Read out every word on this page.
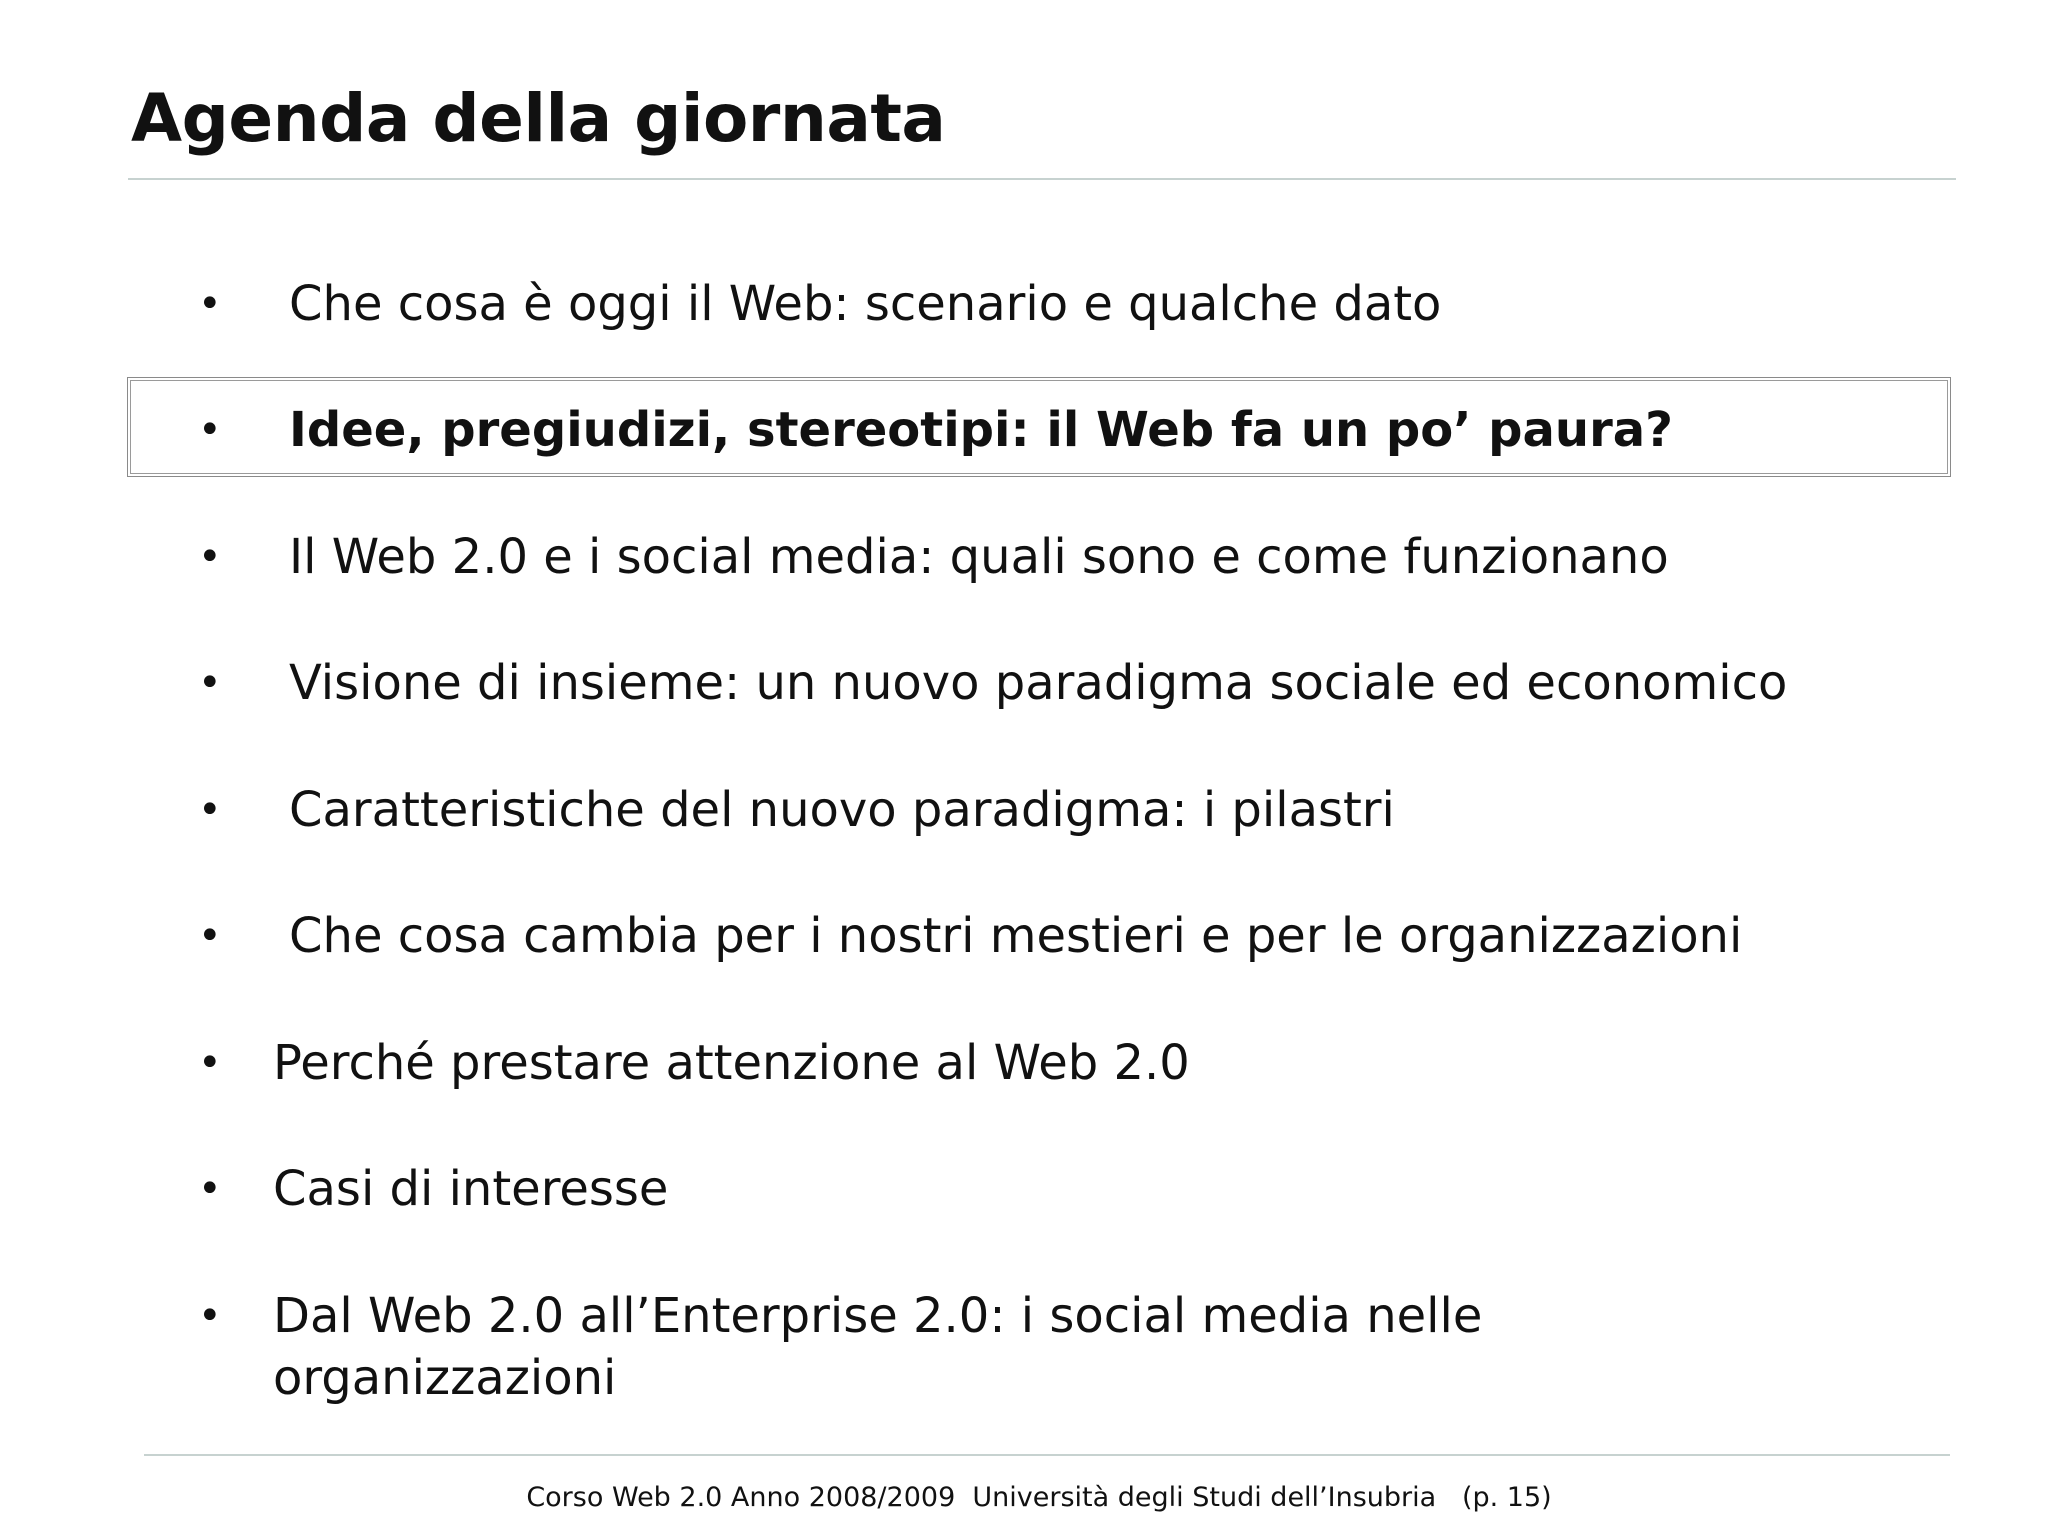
Agenda della giornata
• Che cosa è oggi il Web: scenario e qualche dato
• Idee, pregiudizi, stereotipi: il Web fa un po’ paura?
• Il Web 2.0 e i social media: quali sono e come funzionano
• Visione di insieme: un nuovo paradigma sociale ed economico
• Caratteristiche del nuovo paradigma: i pilastri
• Che cosa cambia per i nostri mestieri e per le organizzazioni
• Perché prestare attenzione al Web 2.0
• Casi di interesse
• Dal Web 2.0 all’Enterprise 2.0: i social media nelle organizzazioni
Corso Web 2.0 Anno 2008/2009 Università degli Studi dell’Insubria (p. 15)
